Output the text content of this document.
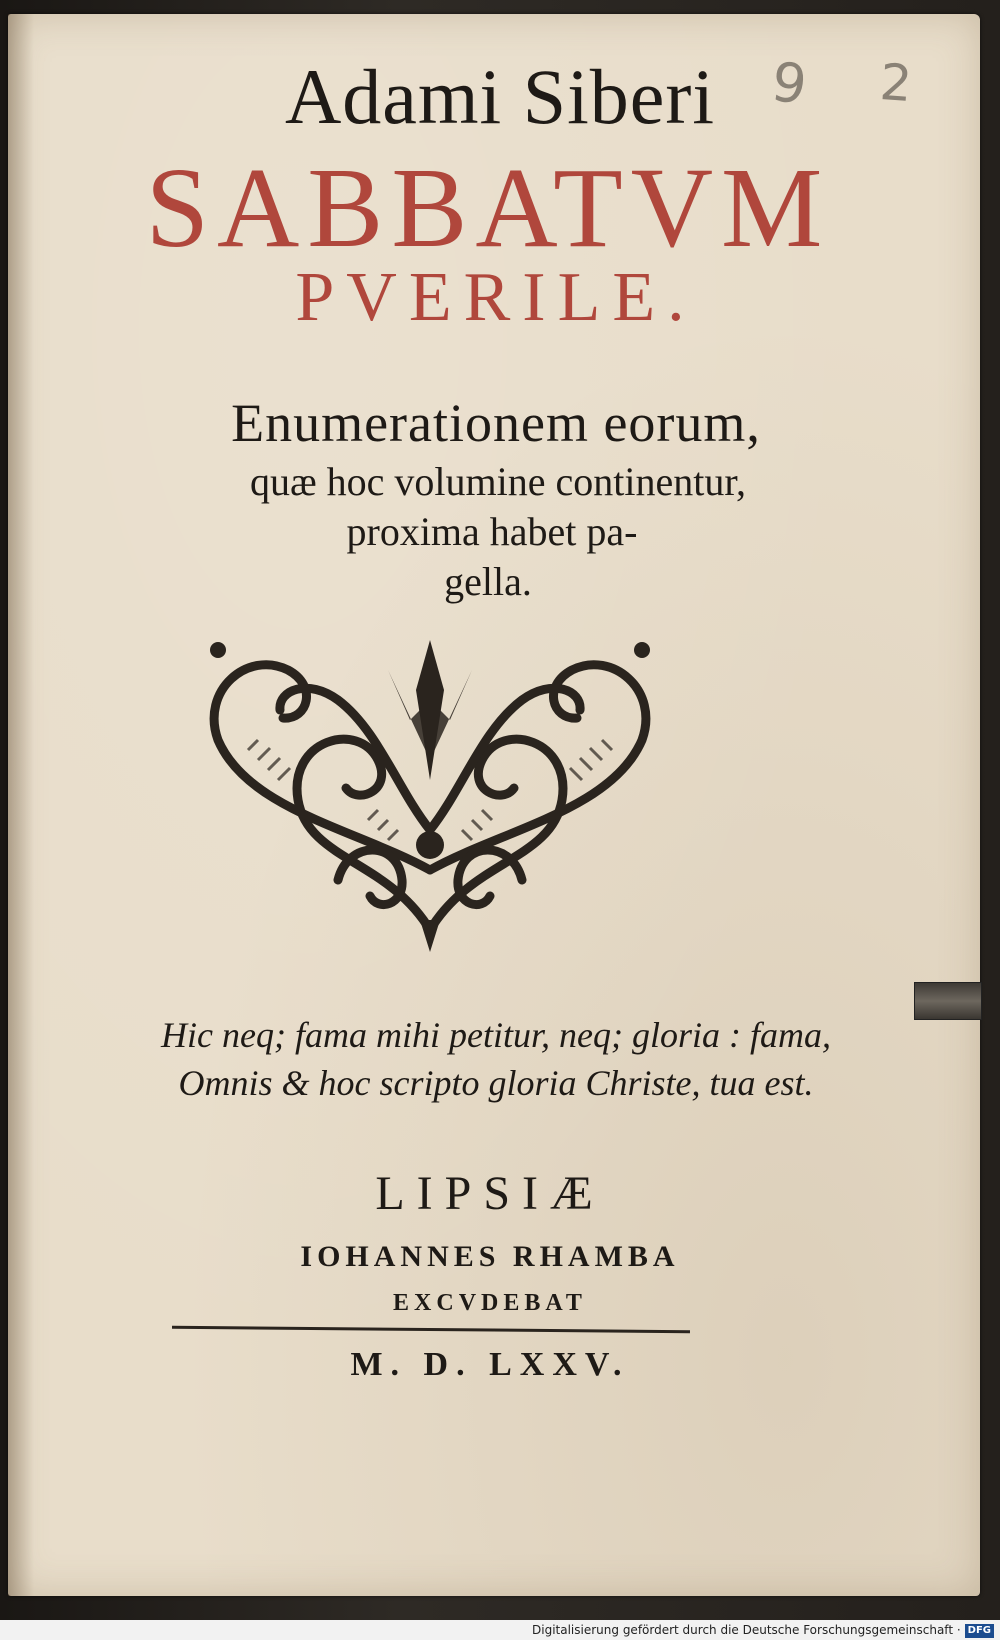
9 2
Adami Siberi
SABBATVM
PVERILE.
Enumerationem eorum,
quæ hoc volumine continentur,
proxima habet pa-
gella.
Hic neq; fama mihi petitur, neq; gloria : fama,
Omnis & hoc scripto gloria Christe, tua est.
LIPSIÆ
IOHANNES RHAMBA
EXCVDEBAT
M. D. LXXV.
Digitalisierung gefördert durch die Deutsche Forschungsgemeinschaft · DFG
